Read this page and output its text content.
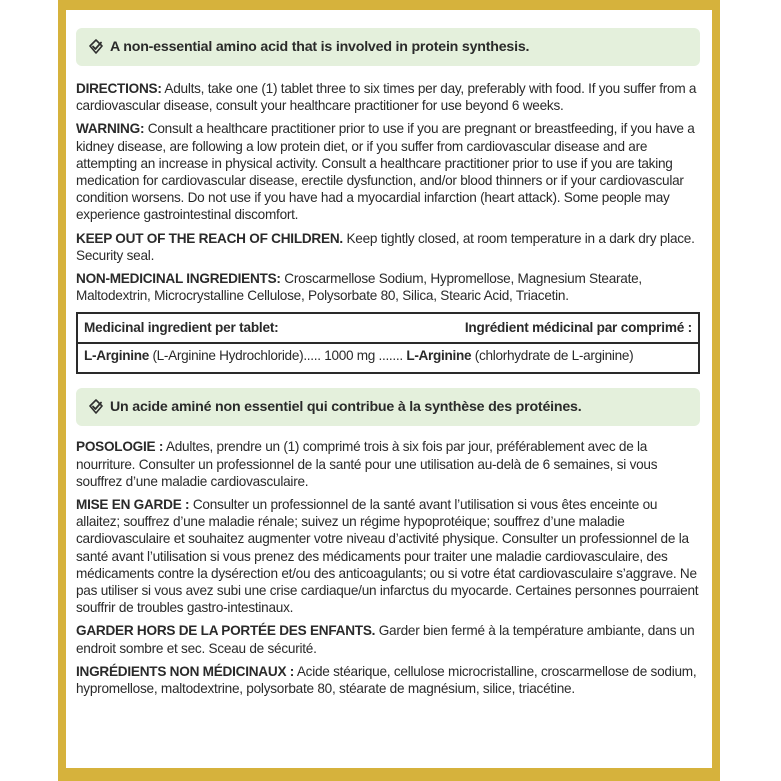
A non-essential amino acid that is involved in protein synthesis.

DIRECTIONS: Adults, take one (1) tablet three to six times per day, preferably with food. If you suffer from a cardiovascular disease, consult your healthcare practitioner for use beyond 6 weeks.

WARNING: Consult a healthcare practitioner prior to use if you are pregnant or breastfeeding, if you have a kidney disease, are following a low protein diet, or if you suffer from cardiovascular disease and are attempting an increase in physical activity. Consult a healthcare practitioner prior to use if you are taking medication for cardiovascular disease, erectile dysfunction, and/or blood thinners or if your cardiovascular condition worsens. Do not use if you have had a myocardial infarction (heart attack). Some people may experience gastrointestinal discomfort.

KEEP OUT OF THE REACH OF CHILDREN. Keep tightly closed, at room temperature in a dark dry place. Security seal.

NON-MEDICINAL INGREDIENTS: Croscarmellose Sodium, Hypromellose, Magnesium Stearate, Maltodextrin, Microcrystalline Cellulose, Polysorbate 80, Silica, Stearic Acid, Triacetin.

Medicinal ingredient per tablet:	Ingrédient médicinal par comprimé :
L-Arginine (L-Arginine Hydrochloride)..... 1000 mg ....... L-Arginine (chlorhydrate de L-arginine)
Un acide aminé non essentiel qui contribue à la synthèse des protéines.

POSOLOGIE : Adultes, prendre un (1) comprimé trois à six fois par jour, préférablement avec de la nourriture. Consulter un professionnel de la santé pour une utilisation au-delà de 6 semaines, si vous souffrez d’une maladie cardiovasculaire.

MISE EN GARDE : Consulter un professionnel de la santé avant l’utilisation si vous êtes enceinte ou allaitez; souffrez d’une maladie rénale; suivez un régime hypoprotéique; souffrez d’une maladie cardiovasculaire et souhaitez augmenter votre niveau d’activité physique. Consulter un professionnel de la santé avant l’utilisation si vous prenez des médicaments pour traiter une maladie cardiovasculaire, des médicaments contre la dysérection et/ou des anticoagulants; ou si votre état cardiovasculaire s’aggrave. Ne pas utiliser si vous avez subi une crise cardiaque/un infarctus du myocarde. Certaines personnes pourraient souffrir de troubles gastro-intestinaux.

GARDER HORS DE LA PORTÉE DES ENFANTS. Garder bien fermé à la température ambiante, dans un endroit sombre et sec. Sceau de sécurité.

INGRÉDIENTS NON MÉDICINAUX : Acide stéarique, cellulose microcristalline, croscarmellose de sodium, hypromellose, maltodextrine, polysorbate 80, stéarate de magnésium, silice, triacétine.
